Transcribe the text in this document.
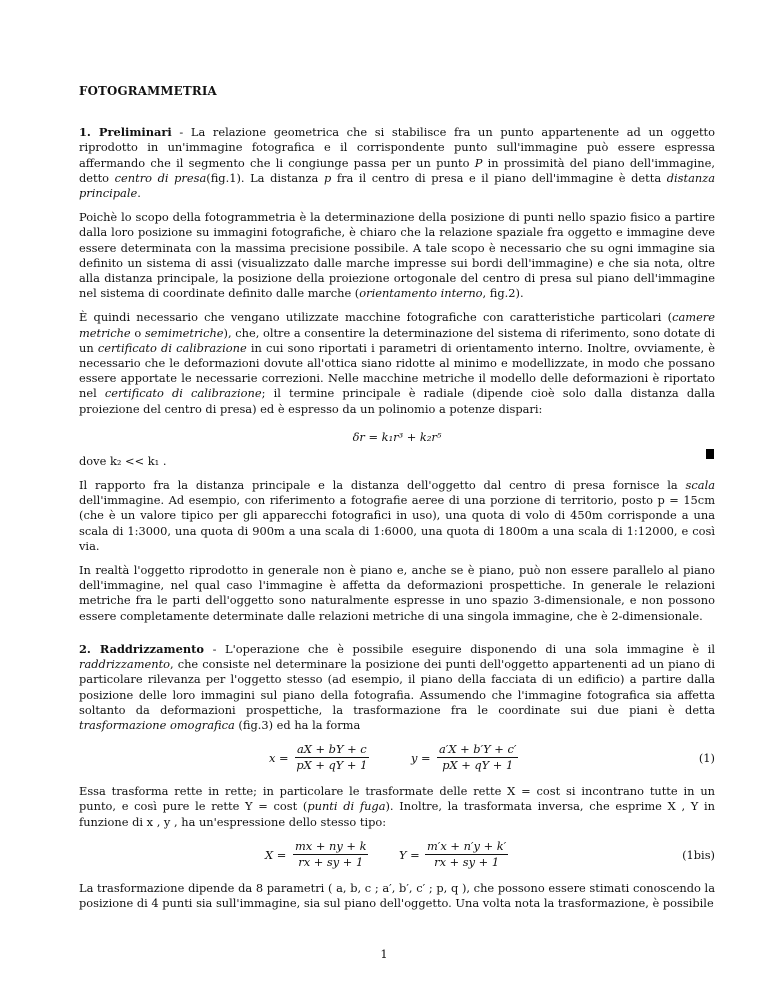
FOTOGRAMMETRIA

1. Preliminari - La relazione geometrica che si stabilisce fra un punto appartenente ad un oggetto riprodotto in un'immagine fotografica e il corrispondente punto sull'immagine può essere espressa affermando che il segmento che li congiunge passa per un punto P in prossimità del piano dell'immagine, detto centro di presa(fig.1). La distanza p fra il centro di presa e il piano dell'immagine è detta distanza principale.

Poichè lo scopo della fotogrammetria è la determinazione della posizione di punti nello spazio fisico a partire dalla loro posizione su immagini fotografiche, è chiaro che la relazione spaziale fra oggetto e immagine deve essere determinata con la massima precisione possibile. A tale scopo è necessario che su ogni immagine sia definito un sistema di assi (visualizzato dalle marche impresse sui bordi dell'immagine) e che sia nota, oltre alla distanza principale, la posizione della proiezione ortogonale del centro di presa sul piano dell'immagine nel sistema di coordinate definito dalle marche (orientamento interno, fig.2).

È quindi necessario che vengano utilizzate macchine fotografiche con caratteristiche particolari (camere metriche o semimetriche), che, oltre a consentire la determinazione del sistema di riferimento, sono dotate di un certificato di calibrazione in cui sono riportati i parametri di orientamento interno. Inoltre, ovviamente, è necessario che le deformazioni dovute all'ottica siano ridotte al minimo e modellizzate, in modo che possano essere apportate le necessarie correzioni. Nelle macchine metriche il modello delle deformazioni è riportato nel certificato di calibrazione; il termine principale è radiale (dipende cioè solo dalla distanza dalla proiezione del centro di presa) ed è espresso da un polinomio a potenze dispari:

δr = k₁r³ + k₂r⁵

dove k₂ << k₁ .

Il rapporto fra la distanza principale e la distanza dell'oggetto dal centro di presa fornisce la scala dell'immagine. Ad esempio, con riferimento a fotografie aeree di una porzione di territorio, posto p = 15cm (che è un valore tipico per gli apparecchi fotografici in uso), una quota di volo di 450m corrisponde a una scala di 1:3000, una quota di 900m a una scala di 1:6000, una quota di 1800m a una scala di 1:12000, e così via.

In realtà l'oggetto riprodotto in generale non è piano e, anche se è piano, può non essere parallelo al piano dell'immagine, nel qual caso l'immagine è affetta da deformazioni prospettiche. In generale le relazioni metriche fra le parti dell'oggetto sono naturalmente espresse in uno spazio 3-dimensionale, e non possono essere completamente determinate dalle relazioni metriche di una singola immagine, che è 2-dimensionale.

2. Raddrizzamento - L'operazione che è possibile eseguire disponendo di una sola immagine è il raddrizzamento, che consiste nel determinare la posizione dei punti dell'oggetto appartenenti ad un piano di particolare rilevanza per l'oggetto stesso (ad esempio, il piano della facciata di un edificio) a partire dalla posizione delle loro immagini sul piano della fotografia. Assumendo che l'immagine fotografica sia affetta soltanto da deformazioni prospettiche, la trasformazione fra le coordinate sui due piani è detta trasformazione omografica (fig.3) ed ha la forma

$x = \frac{aX + bY + c}{pX + qY + 1}$	$y = \frac{a'X + b'Y + c'}{pX + qY + 1}$	(1)

Essa trasforma rette in rette; in particolare le trasformate delle rette X = cost si incontrano tutte in un punto, e così pure le rette Y = cost (punti di fuga). Inoltre, la trasformata inversa, che esprime X , Y in funzione di x , y , ha un'espressione dello stesso tipo:

$X = \frac{mx + ny + k}{rx + sy + 1}$	$Y = \frac{m'x + n'y + k'}{rx + sy + 1}$	(1bis)

La trasformazione dipende da 8 parametri ( a, b, c ; a′, b′, c′ ; p, q ), che possono essere stimati conoscendo la posizione di 4 punti sia sull'immagine, sia sul piano dell'oggetto. Una volta nota la trasformazione, è possibile

1
